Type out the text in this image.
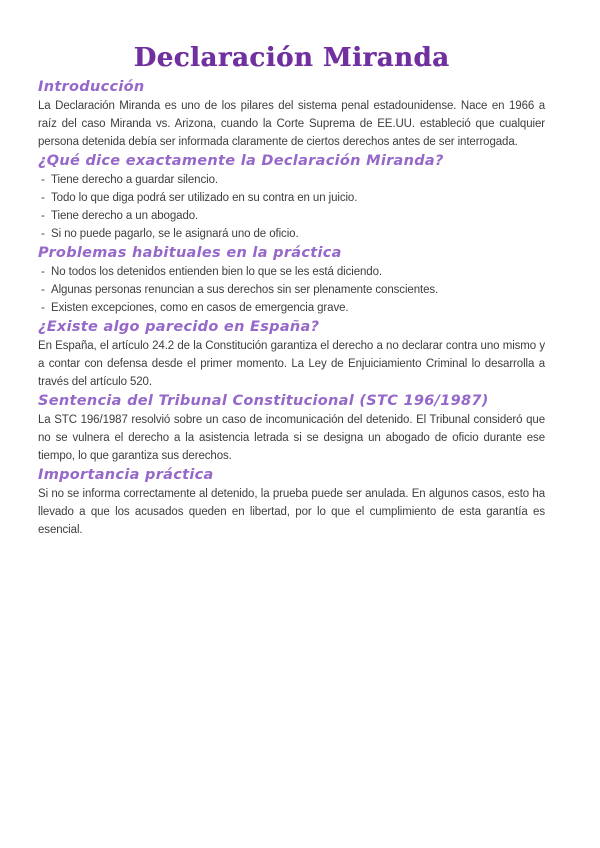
Declaración Miranda
Introducción

La Declaración Miranda es uno de los pilares del sistema penal estadounidense. Nace en 1966 a raíz del caso Miranda vs. Arizona, cuando la Corte Suprema de EE.UU. estableció que cualquier persona detenida debía ser informada claramente de ciertos derechos antes de ser interrogada.

¿Qué dice exactamente la Declaración Miranda?
- Tiene derecho a guardar silencio.
- Todo lo que diga podrá ser utilizado en su contra en un juicio.
- Tiene derecho a un abogado.
- Si no puede pagarlo, se le asignará uno de oficio.
Problemas habituales en la práctica
- No todos los detenidos entienden bien lo que se les está diciendo.
- Algunas personas renuncian a sus derechos sin ser plenamente conscientes.
- Existen excepciones, como en casos de emergencia grave.
¿Existe algo parecido en España?

En España, el artículo 24.2 de la Constitución garantiza el derecho a no declarar contra uno mismo y a contar con defensa desde el primer momento. La Ley de Enjuiciamiento Criminal lo desarrolla a través del artículo 520.

Sentencia del Tribunal Constitucional (STC 196/1987)

La STC 196/1987 resolvió sobre un caso de incomunicación del detenido. El Tribunal consideró que no se vulnera el derecho a la asistencia letrada si se designa un abogado de oficio durante ese tiempo, lo que garantiza sus derechos.

Importancia práctica

Si no se informa correctamente al detenido, la prueba puede ser anulada. En algunos casos, esto ha llevado a que los acusados queden en libertad, por lo que el cumplimiento de esta garantía es esencial.
